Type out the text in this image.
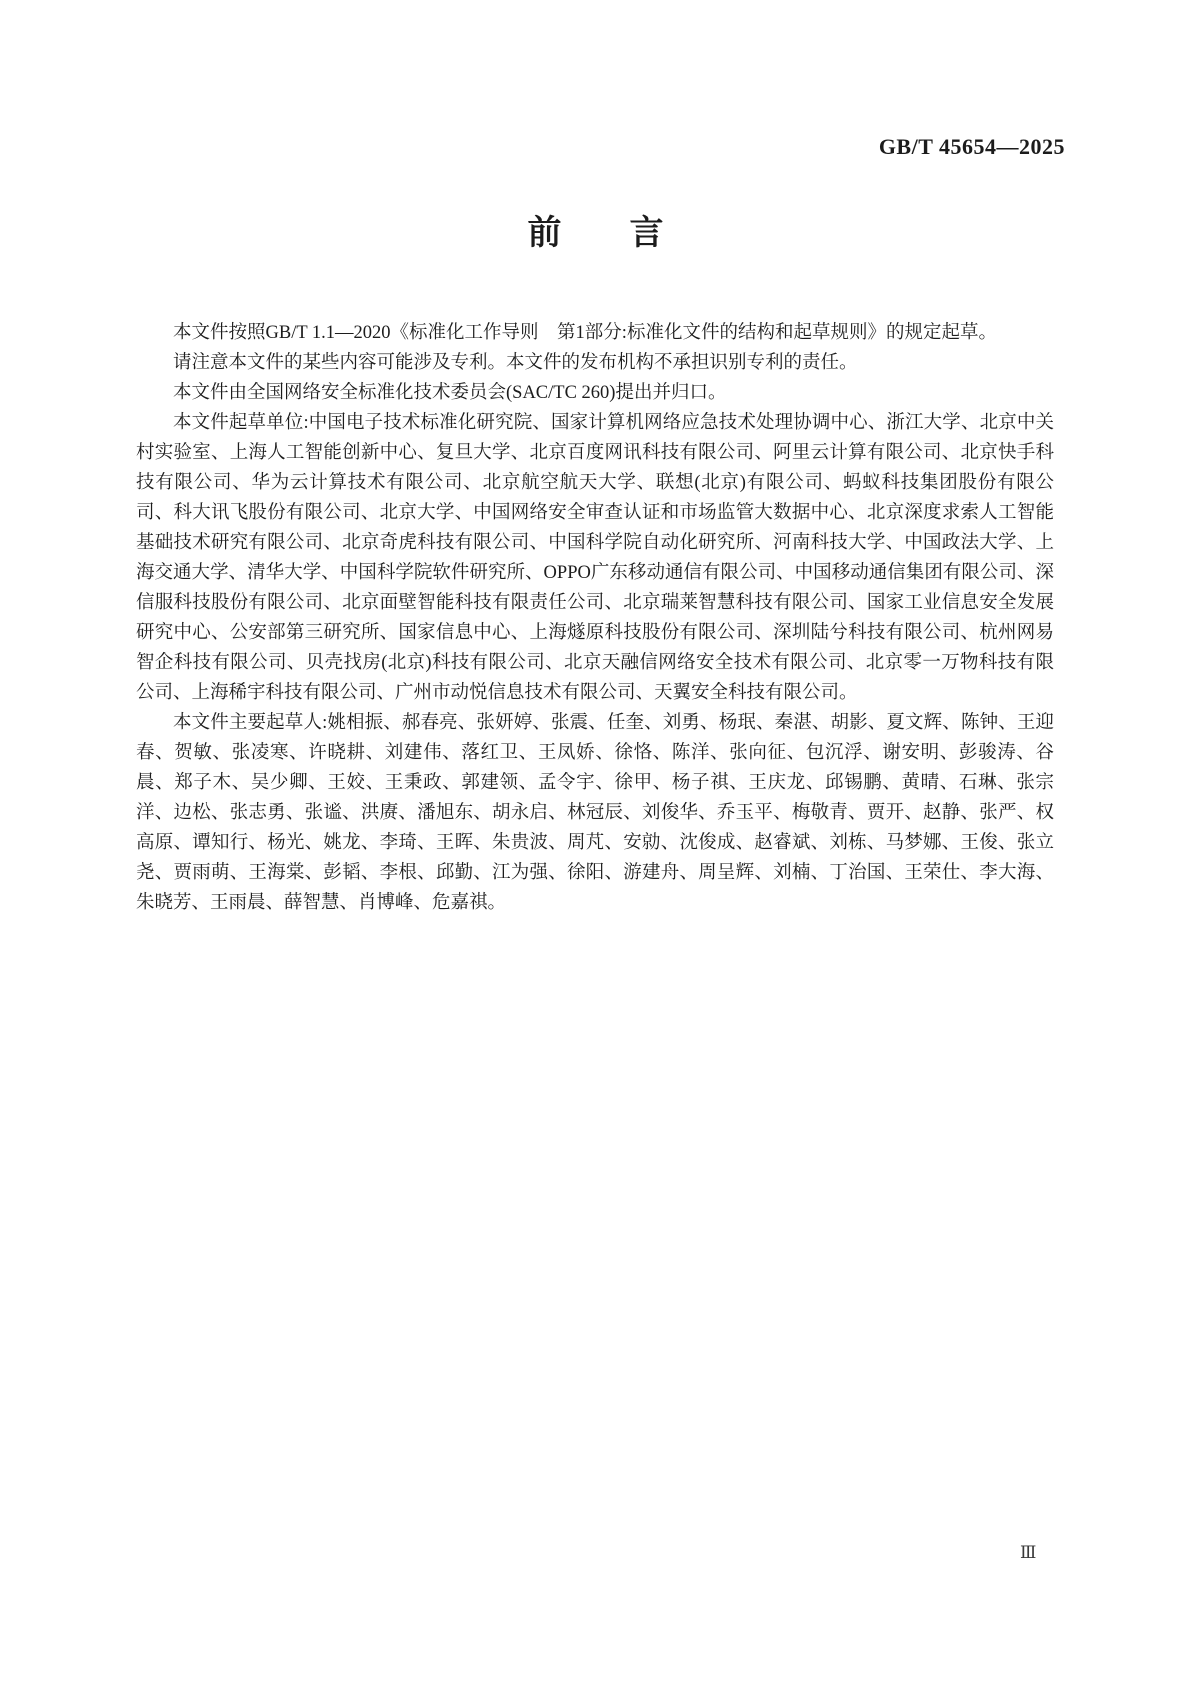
GB/T 45654—2025
前言

本文件按照GB/T 1.1—2020《标准化工作导则　第1部分:标准化文件的结构和起草规则》的规定起草。

请注意本文件的某些内容可能涉及专利。本文件的发布机构不承担识别专利的责任。

本文件由全国网络安全标准化技术委员会(SAC/TC 260)提出并归口。

本文件起草单位:中国电子技术标准化研究院、国家计算机网络应急技术处理协调中心、浙江大学、北京中关村实验室、上海人工智能创新中心、复旦大学、北京百度网讯科技有限公司、阿里云计算有限公司、北京快手科技有限公司、华为云计算技术有限公司、北京航空航天大学、联想(北京)有限公司、蚂蚁科技集团股份有限公司、科大讯飞股份有限公司、北京大学、中国网络安全审查认证和市场监管大数据中心、北京深度求索人工智能基础技术研究有限公司、北京奇虎科技有限公司、中国科学院自动化研究所、河南科技大学、中国政法大学、上海交通大学、清华大学、中国科学院软件研究所、OPPO广东移动通信有限公司、中国移动通信集团有限公司、深信服科技股份有限公司、北京面壁智能科技有限责任公司、北京瑞莱智慧科技有限公司、国家工业信息安全发展研究中心、公安部第三研究所、国家信息中心、上海燧原科技股份有限公司、深圳陆兮科技有限公司、杭州网易智企科技有限公司、贝壳找房(北京)科技有限公司、北京天融信网络安全技术有限公司、北京零一万物科技有限公司、上海稀宇科技有限公司、广州市动悦信息技术有限公司、天翼安全科技有限公司。

本文件主要起草人:姚相振、郝春亮、张妍婷、张震、任奎、刘勇、杨珉、秦湛、胡影、夏文辉、陈钟、王迎春、贺敏、张凌寒、许晓耕、刘建伟、落红卫、王凤娇、徐恪、陈洋、张向征、包沉浮、谢安明、彭骏涛、谷晨、郑子木、吴少卿、王姣、王秉政、郭建领、孟令宇、徐甲、杨子祺、王庆龙、邱锡鹏、黄晴、石琳、张宗洋、边松、张志勇、张谧、洪赓、潘旭东、胡永启、林冠辰、刘俊华、乔玉平、梅敬青、贾开、赵静、张严、权高原、谭知行、杨光、姚龙、李琦、王晖、朱贵波、周芃、安勍、沈俊成、赵睿斌、刘栋、马梦娜、王俊、张立尧、贾雨萌、王海棠、彭韬、李根、邱勤、江为强、徐阳、游建舟、周呈辉、刘楠、丁治国、王荣仕、李大海、朱晓芳、王雨晨、薛智慧、肖博峰、危嘉祺。

Ⅲ
